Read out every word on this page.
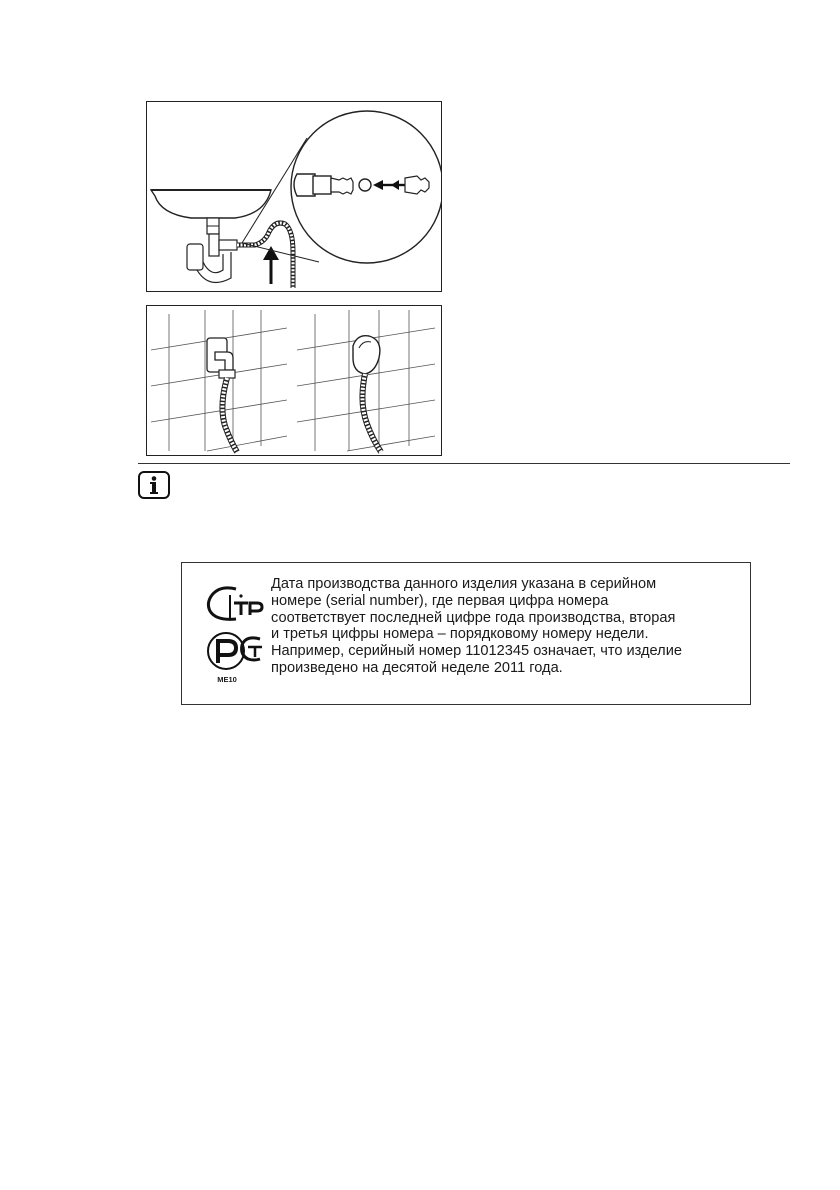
ME10

Дата производства данного изделия указана в серийном

номере (serial number), где первая цифра номера

соответствует последней цифре года производства, вторая

и третья цифры номера – порядковому номеру недели.

Например, серийный номер 11012345 означает, что изделие

произведено на десятой неделе 2011 года.
